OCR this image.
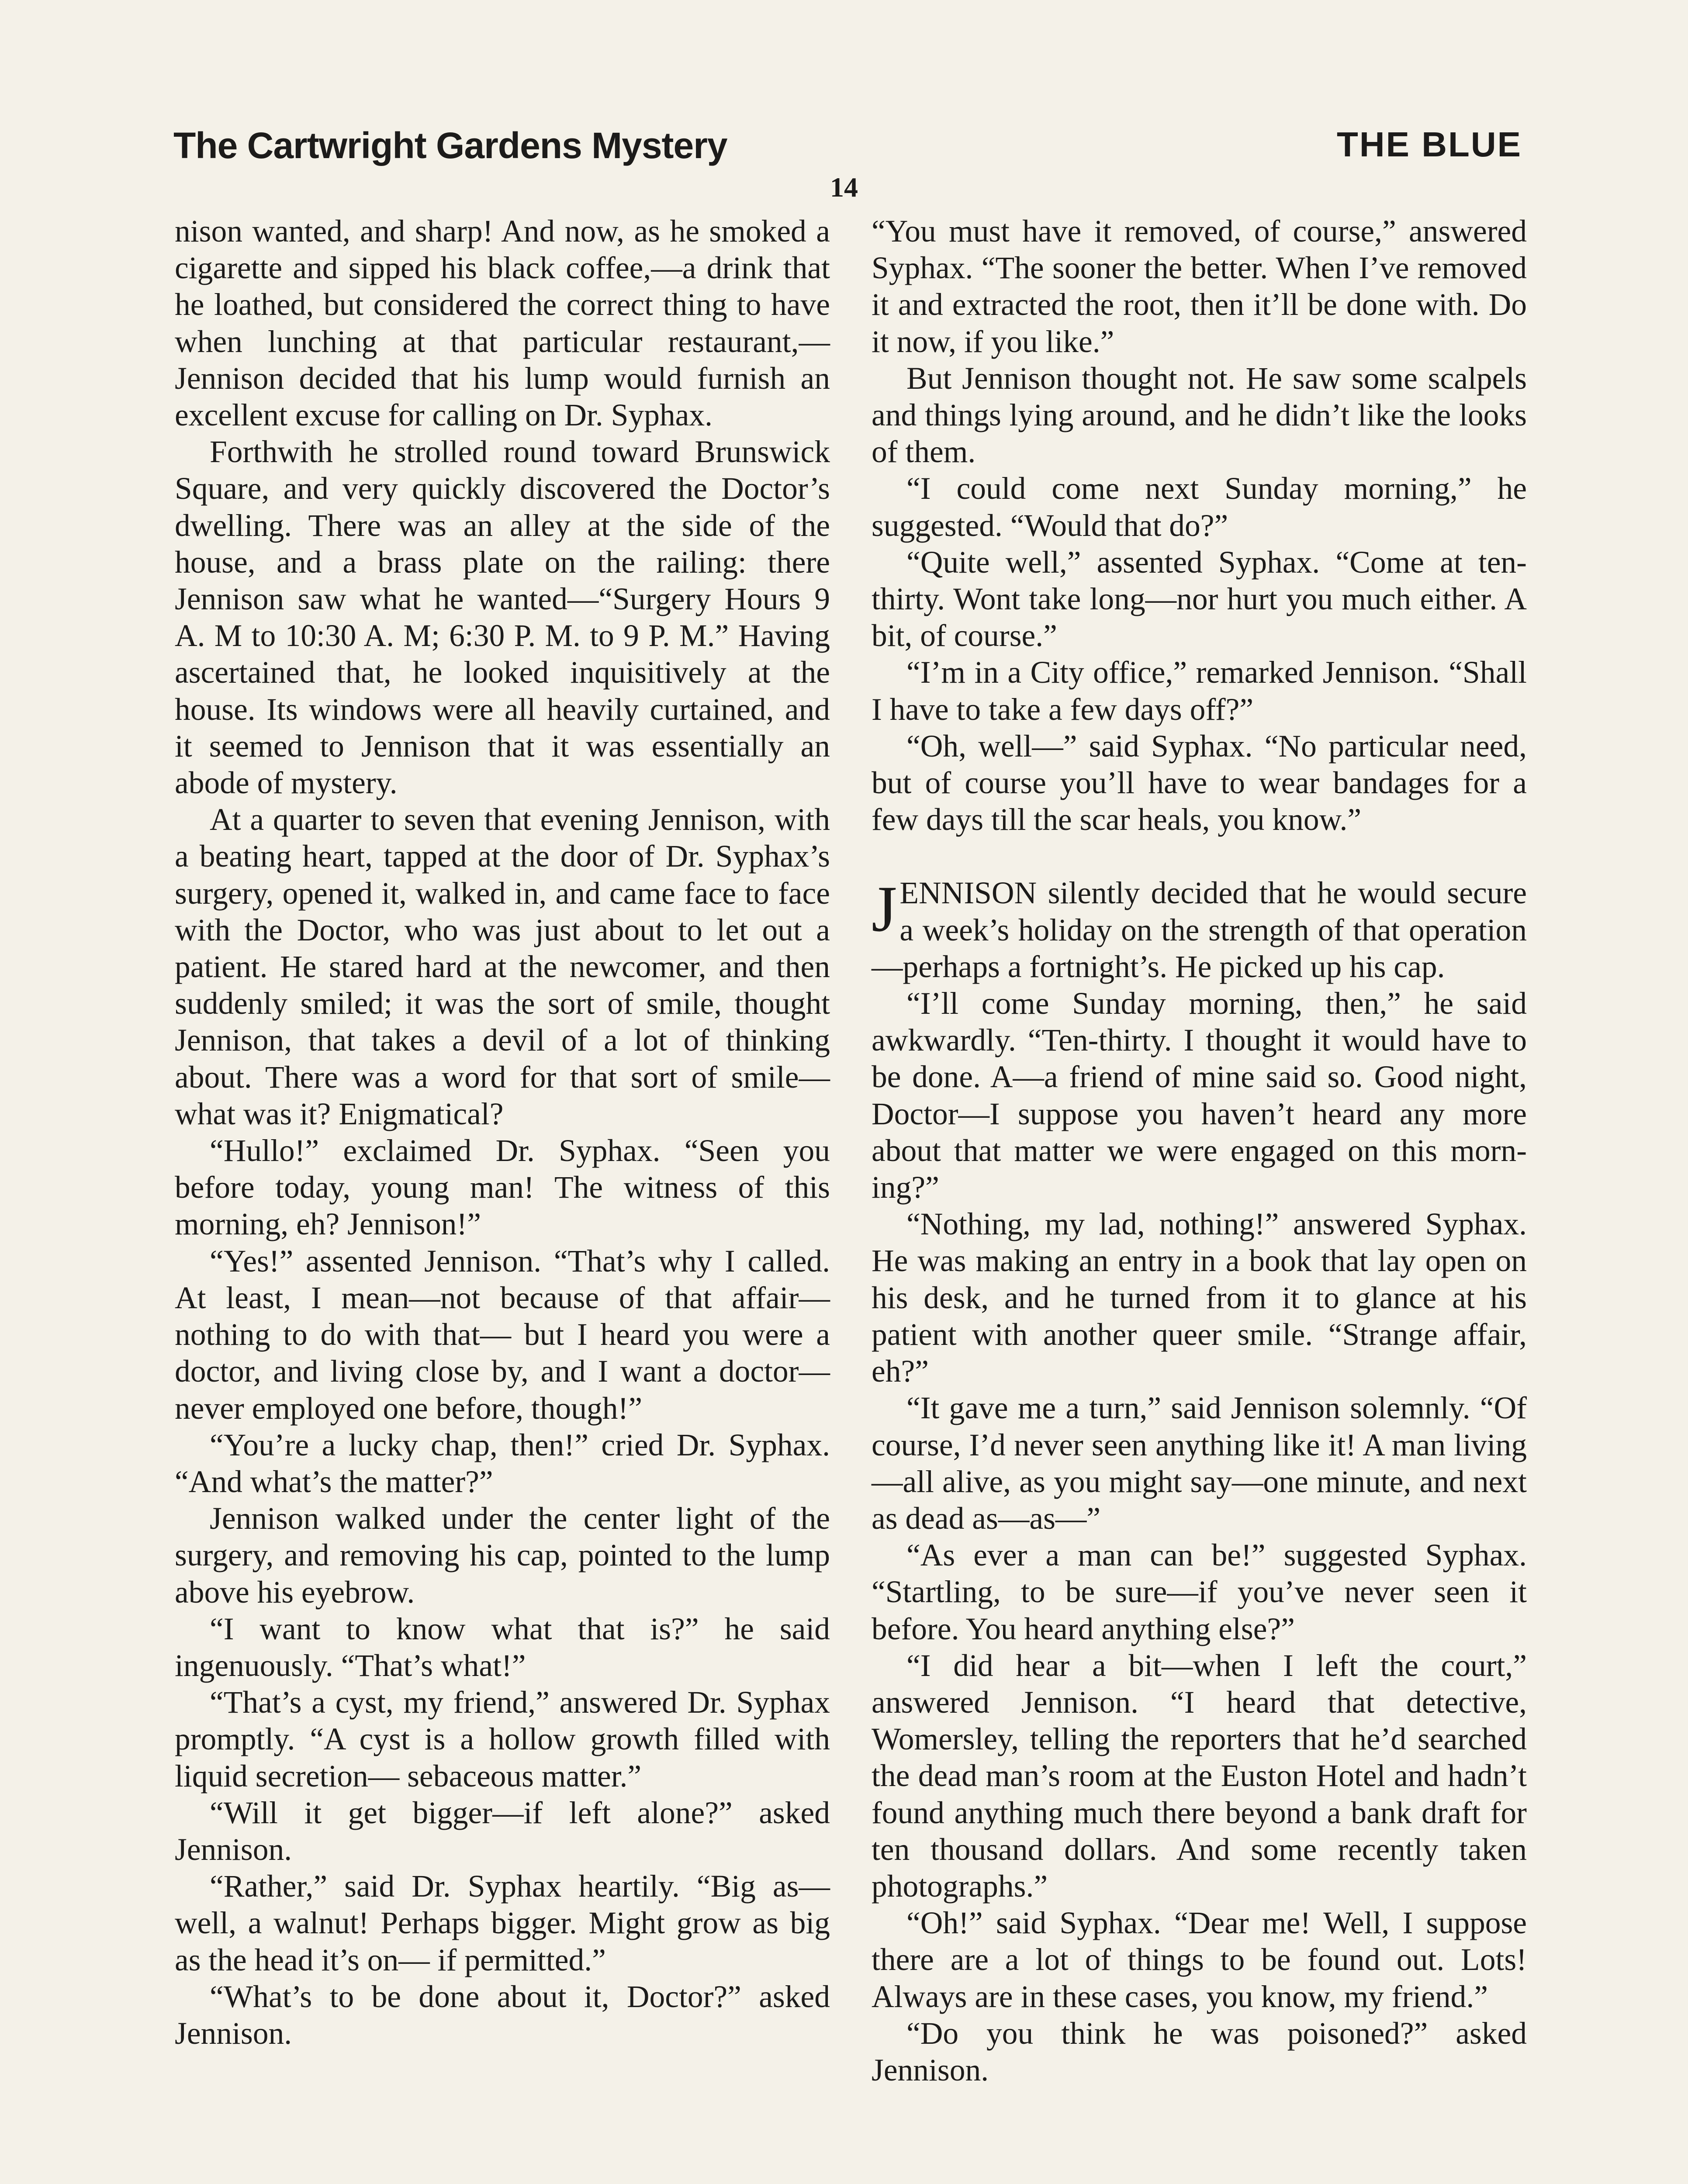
The Cartwright Gardens Mystery	THE BLUE
14

nison wanted, and sharp! And now, as he smoked a cigarette and sipped his black coffee,—a drink that he loathed, but considered the correct thing to have when lunching at that particular restaurant,— Jennison decided that his lump would furnish an excellent excuse for calling on Dr. Syphax.

Forthwith he strolled round toward Brunswick Square, and very quickly discovered the Doctor’s dwelling. There was an alley at the side of the house, and a brass plate on the railing: there Jennison saw what he wanted—“Surgery Hours 9 A. M to 10:30 A. M; 6:30 P. M. to 9 P. M.” Having ascertained that, he looked inquisitively at the house. Its windows were all heavily curtained, and it seemed to Jennison that it was essentially an abode of mystery.

At a quarter to seven that evening Jennison, with a beating heart, tapped at the door of Dr. Syphax’s surgery, opened it, walked in, and came face to face with the Doctor, who was just about to let out a patient. He stared hard at the newcomer, and then suddenly smiled; it was the sort of smile, thought Jennison, that takes a devil of a lot of thinking about. There was a word for that sort of smile—what was it? Enigmatical?

“Hullo!” exclaimed Dr. Syphax. “Seen you before today, young man! The witness of this morning, eh? Jennison!”

“Yes!” assented Jennison. “That’s why I called. At least, I mean—not because of that affair—nothing to do with that— but I heard you were a doctor, and living close by, and I want a doctor—never employed one before, though!”

“You’re a lucky chap, then!” cried Dr. Syphax. “And what’s the matter?”

Jennison walked under the center light of the surgery, and removing his cap, pointed to the lump above his eyebrow.

“I want to know what that is?” he said ingenuously. “That’s what!”

“That’s a cyst, my friend,” answered Dr. Syphax promptly. “A cyst is a hollow growth filled with liquid secretion— sebaceous matter.”

“Will it get bigger—if left alone?” asked Jennison.

“Rather,” said Dr. Syphax heartily. “Big as—well, a walnut! Perhaps bigger. Might grow as big as the head it’s on— if permitted.”

“What’s to be done about it, Doctor?” asked Jennison.

“You must have it removed, of course,” answered Syphax. “The sooner the better. When I’ve removed it and extracted the root, then it’ll be done with. Do it now, if you like.”

But Jennison thought not. He saw some scalpels and things lying around, and he didn’t like the looks of them.

“I could come next Sunday morning,” he suggested. “Would that do?”

“Quite well,” assented Syphax. “Come at ten-thirty. Wont take long—nor hurt you much either. A bit, of course.”

“I’m in a City office,” remarked Jennison. “Shall I have to take a few days off?”

“Oh, well—” said Syphax. “No particular need, but of course you’ll have to wear bandages for a few days till the scar heals, you know.”

JENNISON silently decided that he would secure a week’s holiday on the strength of that operation—perhaps a fortnight’s. He picked up his cap.

“I’ll come Sunday morning, then,” he said awkwardly. “Ten-thirty. I thought it would have to be done. A—a friend of mine said so. Good night, Doctor—I suppose you haven’t heard any more about that matter we were engaged on this morning?”

“Nothing, my lad, nothing!” answered Syphax. He was making an entry in a book that lay open on his desk, and he turned from it to glance at his patient with another queer smile. “Strange affair, eh?”

“It gave me a turn,” said Jennison solemnly. “Of course, I’d never seen anything like it! A man living—all alive, as you might say—one minute, and next as dead as—as—”

“As ever a man can be!” suggested Syphax. “Startling, to be sure—if you’ve never seen it before. You heard anything else?”

“I did hear a bit—when I left the court,” answered Jennison. “I heard that detective, Womersley, telling the reporters that he’d searched the dead man’s room at the Euston Hotel and hadn’t found anything much there beyond a bank draft for ten thousand dollars. And some recently taken photographs.”

“Oh!” said Syphax. “Dear me! Well, I suppose there are a lot of things to be found out. Lots! Always are in these cases, you know, my friend.”

“Do you think he was poisoned?” asked Jennison.
